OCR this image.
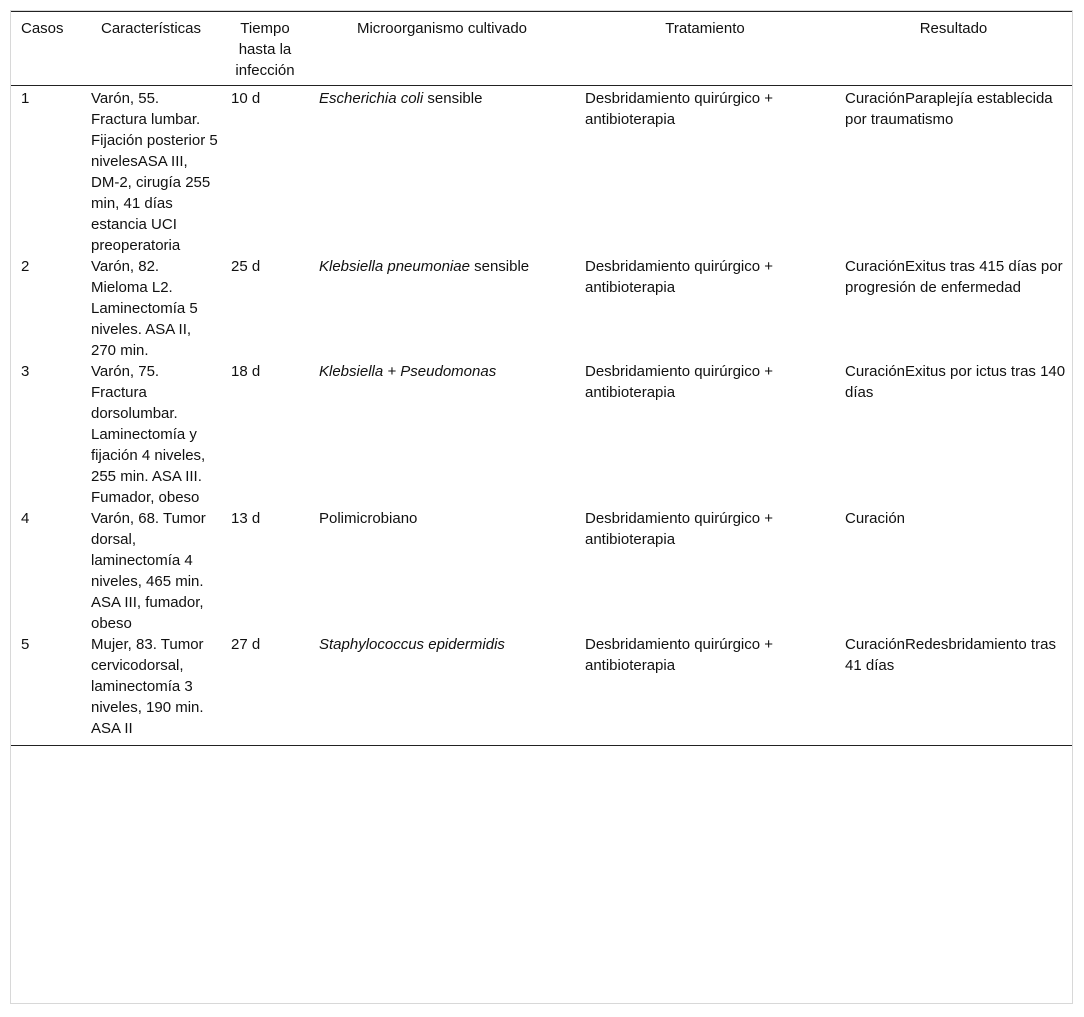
Casos	Características	Tiempo hasta la infección	Microorganismo cultivado	Tratamiento	Resultado
1	Varón, 55. Fractura lumbar. Fijación posterior 5 nivelesASA III, DM-2, cirugía 255 min, 41 días estancia UCI preoperatoria	10 d	Escherichia coli sensible	Desbridamiento quirúrgico + antibioterapia	CuraciónParaplejía establecida por traumatismo
2	Varón, 82. Mieloma L2. Laminectomía 5 niveles. ASA II, 270 min.	25 d	Klebsiella pneumoniae sensible	Desbridamiento quirúrgico + antibioterapia	CuraciónExitus tras 415 días por progresión de enfermedad
3	Varón, 75. Fractura dorsolumbar. Laminectomía y fijación 4 niveles, 255 min. ASA III. Fumador, obeso	18 d	Klebsiella + Pseudomonas	Desbridamiento quirúrgico + antibioterapia	CuraciónExitus por ictus tras 140 días
4	Varón, 68. Tumor dorsal, laminectomía 4 niveles, 465 min. ASA III, fumador, obeso	13 d	Polimicrobiano	Desbridamiento quirúrgico + antibioterapia	Curación
5	Mujer, 83. Tumor cervicodorsal, laminectomía 3 niveles, 190 min. ASA II	27 d	Staphylococcus epidermidis	Desbridamiento quirúrgico + antibioterapia	CuraciónRedesbridamiento tras 41 días
